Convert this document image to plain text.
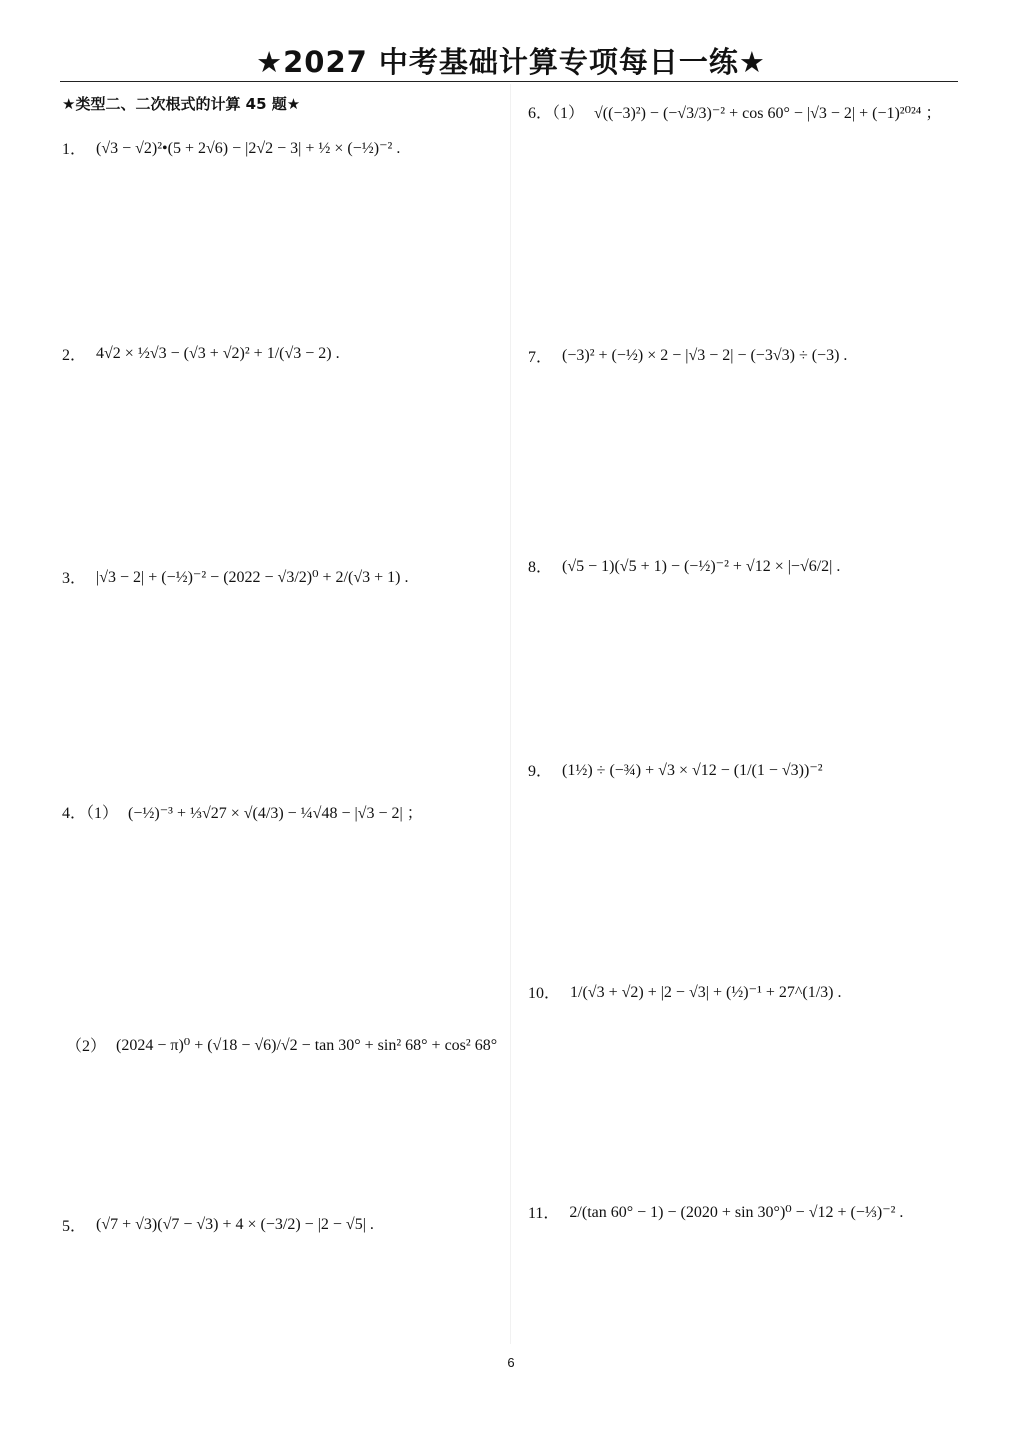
★2027 中考基础计算专项每日一练★
★类型二、二次根式的计算 45 题★
1． (√3 − √2)²•(5 + 2√6) − |2√2 − 3| + ½ × (−½)⁻² .
2． 4√2 × ½√3 − (√3 + √2)² + 1/(√3 − 2) .
3． |√3 − 2| + (−½)⁻² − (2022 − √3/2)⁰ + 2/(√3 + 1) .
4．（1） (−½)⁻³ + ⅓√27 × √(4/3) − ¼√48 − |√3 − 2| ；
（2） (2024 − π)⁰ + (√18 − √6)/√2 − tan 30° + sin² 68° + cos² 68°
5． (√7 + √3)(√7 − √3) + 4 × (−3/2) − |2 − √5| .
6．（1） √((−3)²) − (−√3/3)⁻² + cos 60° − |√3 − 2| + (−1)²⁰²⁴ ；
7． (−3)² + (−½) × 2 − |√3 − 2| − (−3√3) ÷ (−3) .
8． (√5 − 1)(√5 + 1) − (−½)⁻² + √12 × |−√6/2| .
9． (1½) ÷ (−¾) + √3 × √12 − (1/(1 − √3))⁻²
10． 1/(√3 + √2) + |2 − √3| + (½)⁻¹ + 27^(1/3) .
11． 2/(tan 60° − 1) − (2020 + sin 30°)⁰ − √12 + (−⅓)⁻² .
6
